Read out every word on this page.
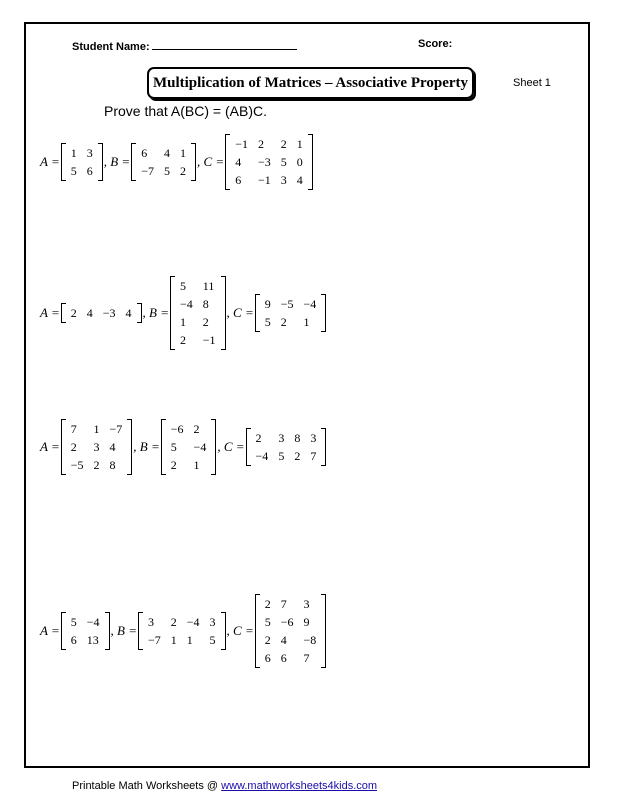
Student Name:	Score:
Multiplication of Matrices – Associative Property	Sheet 1
Prove that A(BC) = (AB)C.
A =
1	3
5	6
, B =
6	4	1
−7	5	2
, C =
−1	2	2	1
4	−3	5	0
6	−1	3	4
A = 2	4	−3	4 , B =
5	11
−4	8
1	2
2	−1
, C =
9	−5	−4
5	2	1
A =
7	1	−7
2	3	4
−5	2	8
, B =
−6	2
5	−4
2	1
, C =
2	3	8	3
−4	5	2	7
A =
5	−4
6	13
, B =
3	2	−4	3
−7	1	1	5
, C =
2	7	3
5	−6	9
2	4	−8
6	6	7
Printable Math Worksheets @ www.mathworksheets4kids.com
